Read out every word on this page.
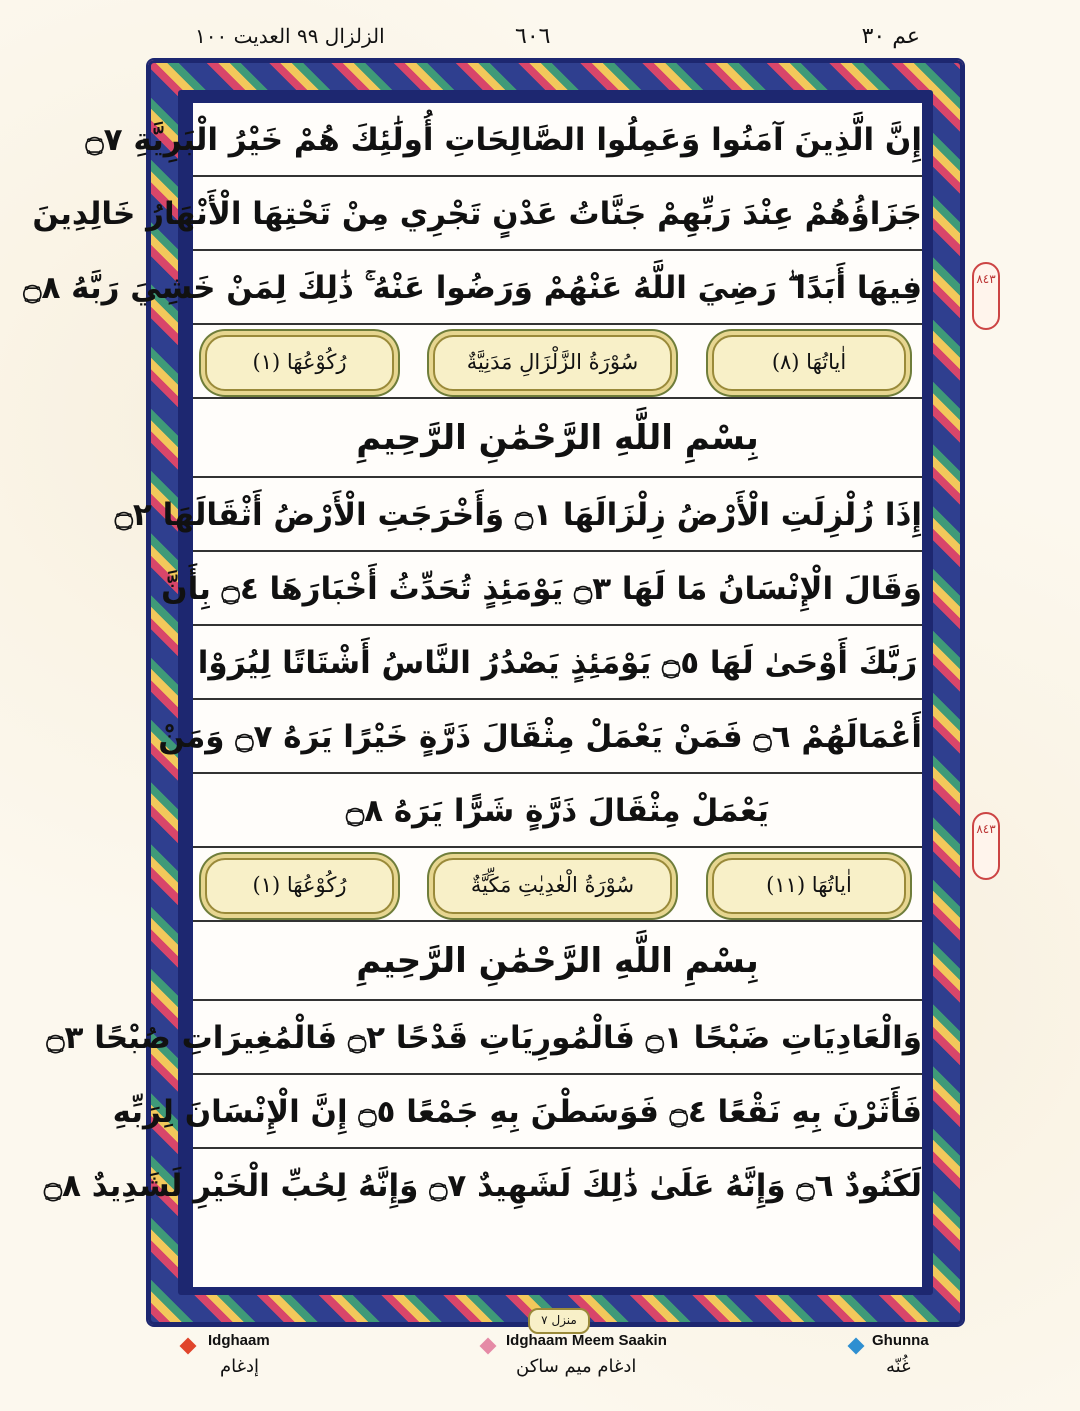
عم ٣٠
٦٠٦
الزلزال ٩٩ العديت ١٠٠
إِنَّ الَّذِينَ آمَنُوا وَعَمِلُوا الصَّالِحَاتِ أُولَٰئِكَ هُمْ خَيْرُ الْبَرِيَّةِ ۝٧
جَزَاؤُهُمْ عِنْدَ رَبِّهِمْ جَنَّاتُ عَدْنٍ تَجْرِي مِنْ تَحْتِهَا الْأَنْهَارُ خَالِدِينَ
فِيهَا أَبَدًا ۖ رَضِيَ اللَّهُ عَنْهُمْ وَرَضُوا عَنْهُ ۚ ذَٰلِكَ لِمَنْ خَشِيَ رَبَّهُ ۝٨
اٰیاتُھَا (٨)
سُوْرَةُ الزَّلْزَالِ مَدَنِيَّةٌ
رُکُوْعُھَا (١)
بِسْمِ اللَّهِ الرَّحْمَٰنِ الرَّحِيمِ
إِذَا زُلْزِلَتِ الْأَرْضُ زِلْزَالَهَا ۝١ وَأَخْرَجَتِ الْأَرْضُ أَثْقَالَهَا ۝٢
وَقَالَ الْإِنْسَانُ مَا لَهَا ۝٣ يَوْمَئِذٍ تُحَدِّثُ أَخْبَارَهَا ۝٤ بِأَنَّ
رَبَّكَ أَوْحَىٰ لَهَا ۝٥ يَوْمَئِذٍ يَصْدُرُ النَّاسُ أَشْتَاتًا لِيُرَوْا
أَعْمَالَهُمْ ۝٦ فَمَنْ يَعْمَلْ مِثْقَالَ ذَرَّةٍ خَيْرًا يَرَهُ ۝٧ وَمَنْ
يَعْمَلْ مِثْقَالَ ذَرَّةٍ شَرًّا يَرَهُ ۝٨
اٰیاتُھَا (١١)
سُوْرَةُ الْعٰدِيٰتِ مَكِّيَّةٌ
رُکُوْعُھَا (١)
بِسْمِ اللَّهِ الرَّحْمَٰنِ الرَّحِيمِ
وَالْعَادِيَاتِ ضَبْحًا ۝١ فَالْمُورِيَاتِ قَدْحًا ۝٢ فَالْمُغِيرَاتِ صُبْحًا ۝٣
فَأَثَرْنَ بِهِ نَقْعًا ۝٤ فَوَسَطْنَ بِهِ جَمْعًا ۝٥ إِنَّ الْإِنْسَانَ لِرَبِّهِ
لَكَنُودٌ ۝٦ وَإِنَّهُ عَلَىٰ ذَٰلِكَ لَشَهِيدٌ ۝٧ وَإِنَّهُ لِحُبِّ الْخَيْرِ لَشَدِيدٌ ۝٨
٨٤٣
٨٤٣
منزل ٧
Idghaam
إدغام
Idghaam Meem Saakin
ادغام ميم ساكن
Ghunna
غُنّه
